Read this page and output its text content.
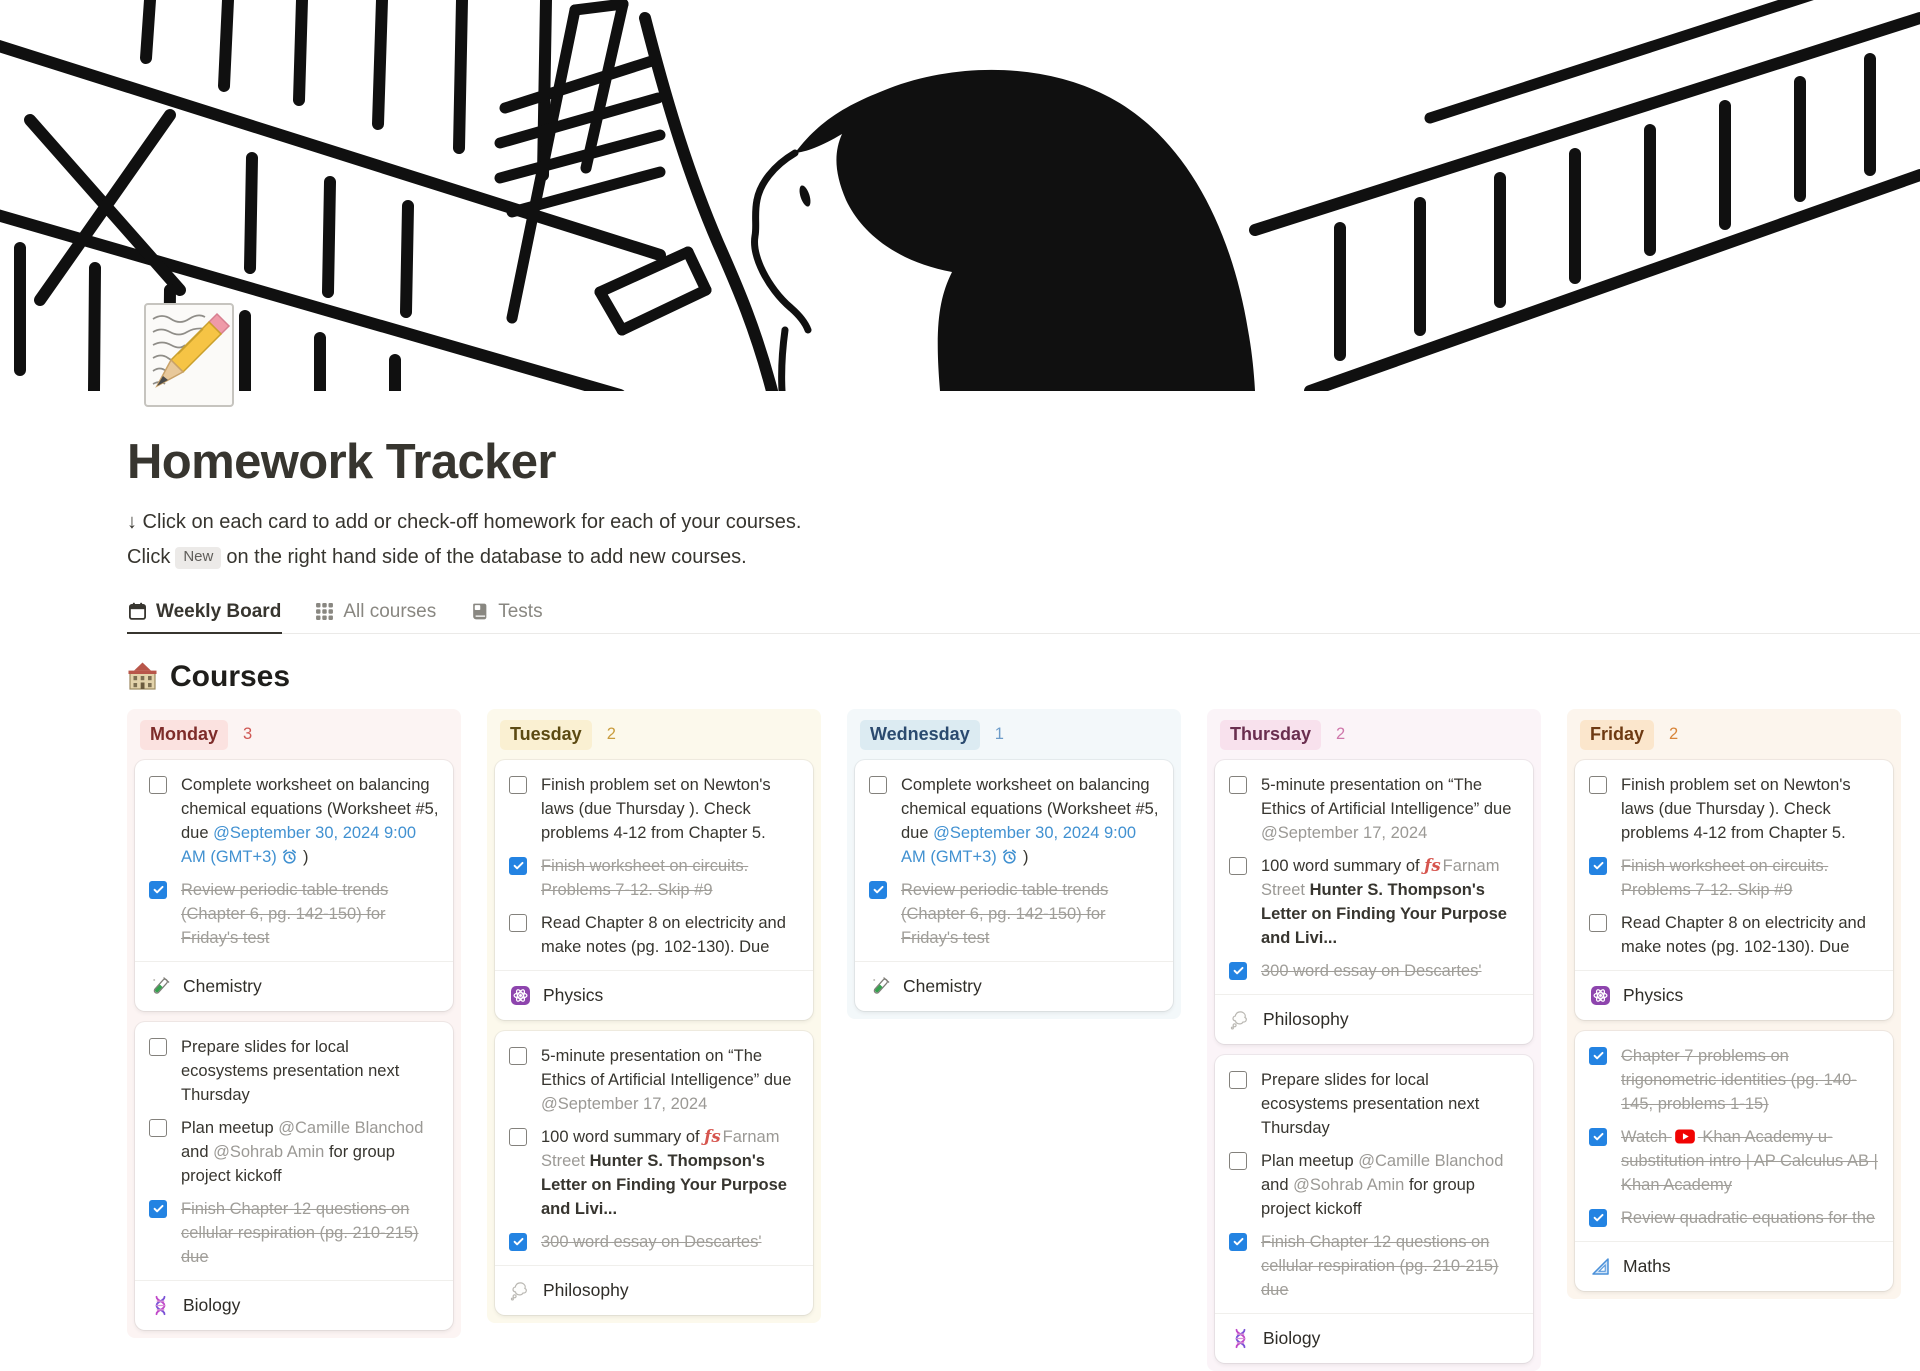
Homework Tracker
↓ Click on each card to add or check-off homework for each of your courses.
Click New on the right hand side of the database to add new courses.
Weekly Board	All courses	Tests
Courses
Monday	3
Complete worksheet on balancing chemical equations (Worksheet #5, due @September 30, 2024 9:00 AM (GMT+3)  )
Review periodic table trends (Chapter 6, pg. 142-150) for Friday's test
Chemistry
Prepare slides for local ecosystems presentation next Thursday
Plan meetup @Camille Blanchod and @Sohrab Amin for group project kickoff
Finish Chapter 12 questions on cellular respiration (pg. 210-215) due
Biology
Tuesday	2
Finish problem set on Newton's laws (due Thursday ). Check problems 4-12 from Chapter 5.
Finish worksheet on circuits. Problems 7-12. Skip #9
Read Chapter 8 on electricity and make notes (pg. 102-130). Due
Physics
5-minute presentation on “The Ethics of Artificial Intelligence” due @September 17, 2024
100 word summary of ƒs Farnam Street Hunter S. Thompson's Letter on Finding Your Purpose and Livi...
300 word essay on Descartes'
Philosophy
Wednesday	1
Complete worksheet on balancing chemical equations (Worksheet #5, due @September 30, 2024 9:00 AM (GMT+3)  )
Review periodic table trends (Chapter 6, pg. 142-150) for Friday's test
Chemistry
Thursday	2
5-minute presentation on “The Ethics of Artificial Intelligence” due @September 17, 2024
100 word summary of ƒs Farnam Street Hunter S. Thompson's Letter on Finding Your Purpose and Livi...
300 word essay on Descartes'
Philosophy
Prepare slides for local ecosystems presentation next Thursday
Plan meetup @Camille Blanchod and @Sohrab Amin for group project kickoff
Finish Chapter 12 questions on cellular respiration (pg. 210-215) due
Biology
Friday	2
Finish problem set on Newton's laws (due Thursday ). Check problems 4-12 from Chapter 5.
Finish worksheet on circuits. Problems 7-12. Skip #9
Read Chapter 8 on electricity and make notes (pg. 102-130). Due
Physics
Chapter 7 problems on trigonometric identities (pg. 140-145, problems 1-15)
Watch  Khan Academy u-substitution intro | AP Calculus AB | Khan Academy
Review quadratic equations for the
Maths
